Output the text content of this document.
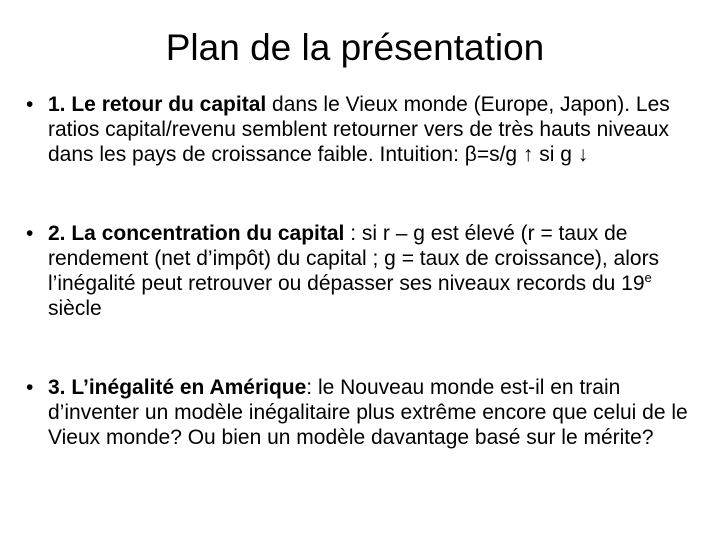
Plan de la présentation
• 1. Le retour du capital dans le Vieux monde (Europe, Japon). Les ratios capital/revenu semblent retourner vers de très hauts niveaux dans les pays de croissance faible. Intuition: β=s/g ↑ si g ↓
• 2. La concentration du capital : si r – g est élevé (r = taux de rendement (net d’impôt) du capital ; g = taux de croissance), alors l’inégalité peut retrouver ou dépasser ses niveaux records du 19e siècle
• 3. L’inégalité en Amérique: le Nouveau monde est-il en train d’inventer un modèle inégalitaire plus extrême encore que celui de le Vieux monde? Ou bien un modèle davantage basé sur le mérite?
